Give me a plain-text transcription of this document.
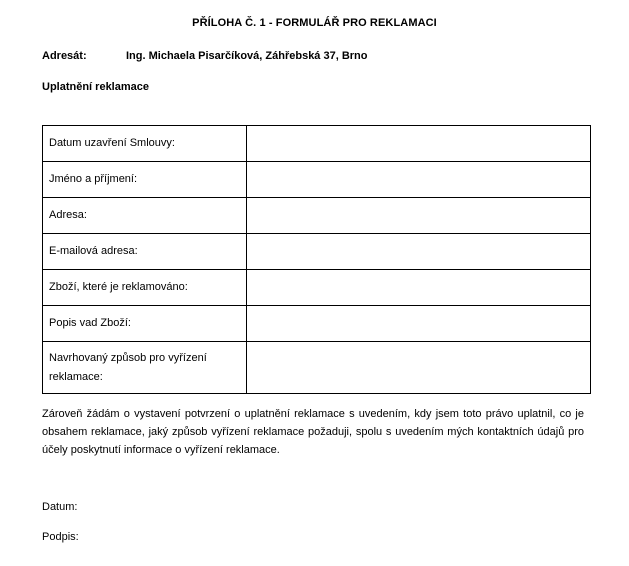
PŘÍLOHA Č. 1 - FORMULÁŘ PRO REKLAMACI
Adresát:	Ing. Michaela Pisarčíková, Záhřebská 37, Brno
Uplatnění reklamace
Datum uzavření Smlouvy:	
Jméno a příjmení:	
Adresa:	
E-mailová adresa:	
Zboží, které je reklamováno:	
Popis vad Zboží:	
Navrhovaný způsob pro vyřízení reklamace:	
Zároveň žádám o vystavení potvrzení o uplatnění reklamace s uvedením, kdy jsem toto právo uplatnil, co je obsahem reklamace, jaký způsob vyřízení reklamace požaduji, spolu s uvedením mých kontaktních údajů pro účely poskytnutí informace o vyřízení reklamace.
Datum:
Podpis:
